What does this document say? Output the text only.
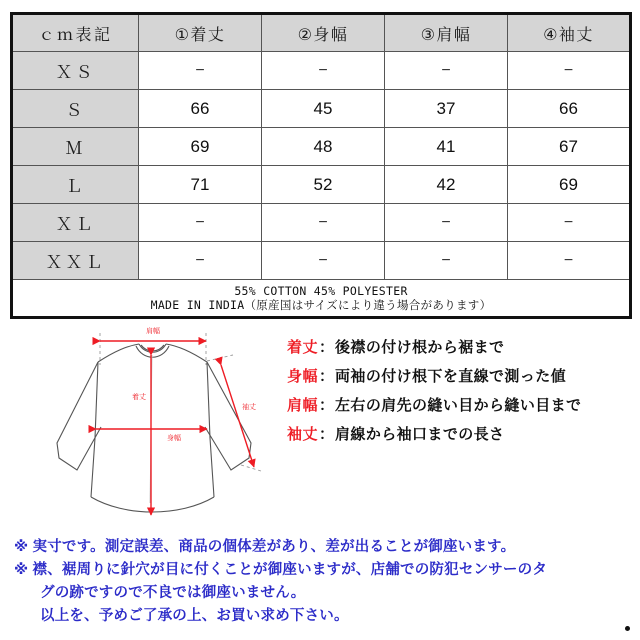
ｃｍ表記	①着丈	②身幅	③肩幅	④袖丈
ＸＳ	−	−	−	−
Ｓ	66	45	37	66
Ｍ	69	48	41	67
Ｌ	71	52	42	69
ＸＬ	−	−	−	−
ＸＸＬ	−	−	−	−

55% COTTON 45% POLYESTER
MADE IN INDIA（原産国はサイズにより違う場合があります）				
肩幅
着丈
身幅
袖丈
着丈 ： 後襟の付け根から裾まで
身幅 ： 両袖の付け根下を直線で測った値
肩幅 ： 左右の肩先の縫い目から縫い目まで
袖丈 ： 肩線から袖口までの長さ
※ 実寸です。測定誤差、商品の個体差があり、差が出ることが御座います。
※ 襟、裾周りに針穴が目に付くことが御座いますが、店舗での防犯センサーのタ
グの跡ですので不良では御座いません。
以上を、予めご了承の上、お買い求め下さい。
